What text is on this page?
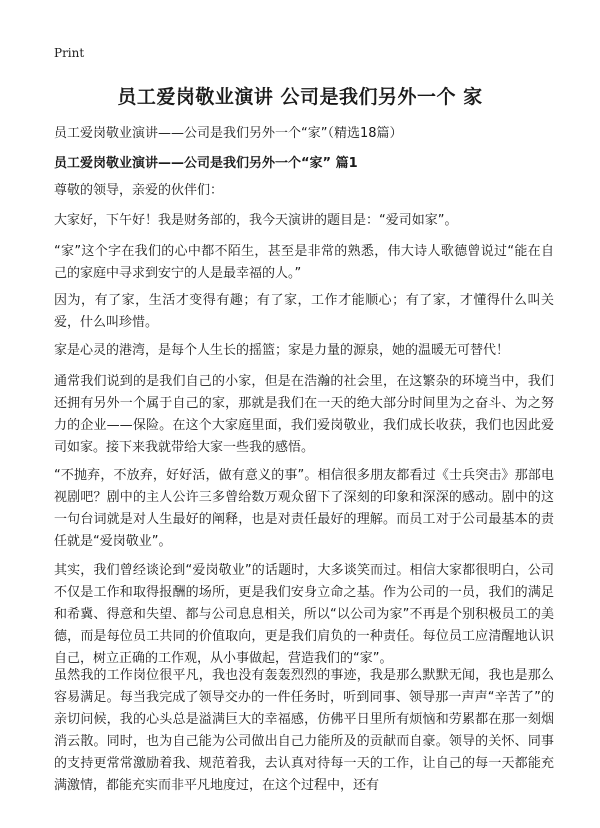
Print
员工爱岗敬业演讲 公司是我们另外一个 家
员工爱岗敬业演讲——公司是我们另外一个“家”（精选18篇）
员工爱岗敬业演讲——公司是我们另外一个“家” 篇1

尊敬的领导，亲爱的伙伴们：

大家好，下午好！我是财务部的，我今天演讲的题目是：“爱司如家”。

“家”这个字在我们的心中都不陌生，甚至是非常的熟悉，伟大诗人歌德曾说过“能在自己的家庭中寻求到安宁的人是最幸福的人。”

因为，有了家，生活才变得有趣；有了家，工作才能顺心；有了家，才懂得什么叫关爱，什么叫珍惜。

家是心灵的港湾，是每个人生长的摇篮；家是力量的源泉，她的温暖无可替代！

通常我们说到的是我们自己的小家，但是在浩瀚的社会里，在这繁杂的环境当中，我们还拥有另外一个属于自己的家，那就是我们在一天的绝大部分时间里为之奋斗、为之努力的企业——保险。在这个大家庭里面，我们爱岗敬业，我们成长收获，我们也因此爱司如家。接下来我就带给大家一些我的感悟。

“不抛弃，不放弃，好好活，做有意义的事”。相信很多朋友都看过《士兵突击》那部电视剧吧？剧中的主人公许三多曾给数万观众留下了深刻的印象和深深的感动。剧中的这一句台词就是对人生最好的阐释，也是对责任最好的理解。而员工对于公司最基本的责任就是“爱岗敬业”。

其实，我们曾经谈论到“爱岗敬业”的话题时，大多谈笑而过。相信大家都很明白，公司不仅是工作和取得报酬的场所，更是我们安身立命之基。作为公司的一员，我们的满足和希冀、得意和失望、都与公司息息相关，所以“以公司为家”不再是个别积极员工的美德，而是每位员工共同的价值取向，更是我们肩负的一种责任。每位员工应清醒地认识自己，树立正确的工作观，从小事做起，营造我们的“家”。

虽然我的工作岗位很平凡，我也没有轰轰烈烈的事迹，我是那么默默无闻，我也是那么容易满足。每当我完成了领导交办的一件任务时，听到同事、领导那一声声“辛苦了”的亲切问候，我的心头总是溢满巨大的幸福感，仿佛平日里所有烦恼和劳累都在那一刻烟消云散。同时，也为自己能为公司做出自己力能所及的贡献而自豪。领导的关怀、同事的支持更常常激励着我、规范着我，去认真对待每一天的工作，让自己的每一天都能充满激情，都能充实而非平凡地度过，在这个过程中，还有
